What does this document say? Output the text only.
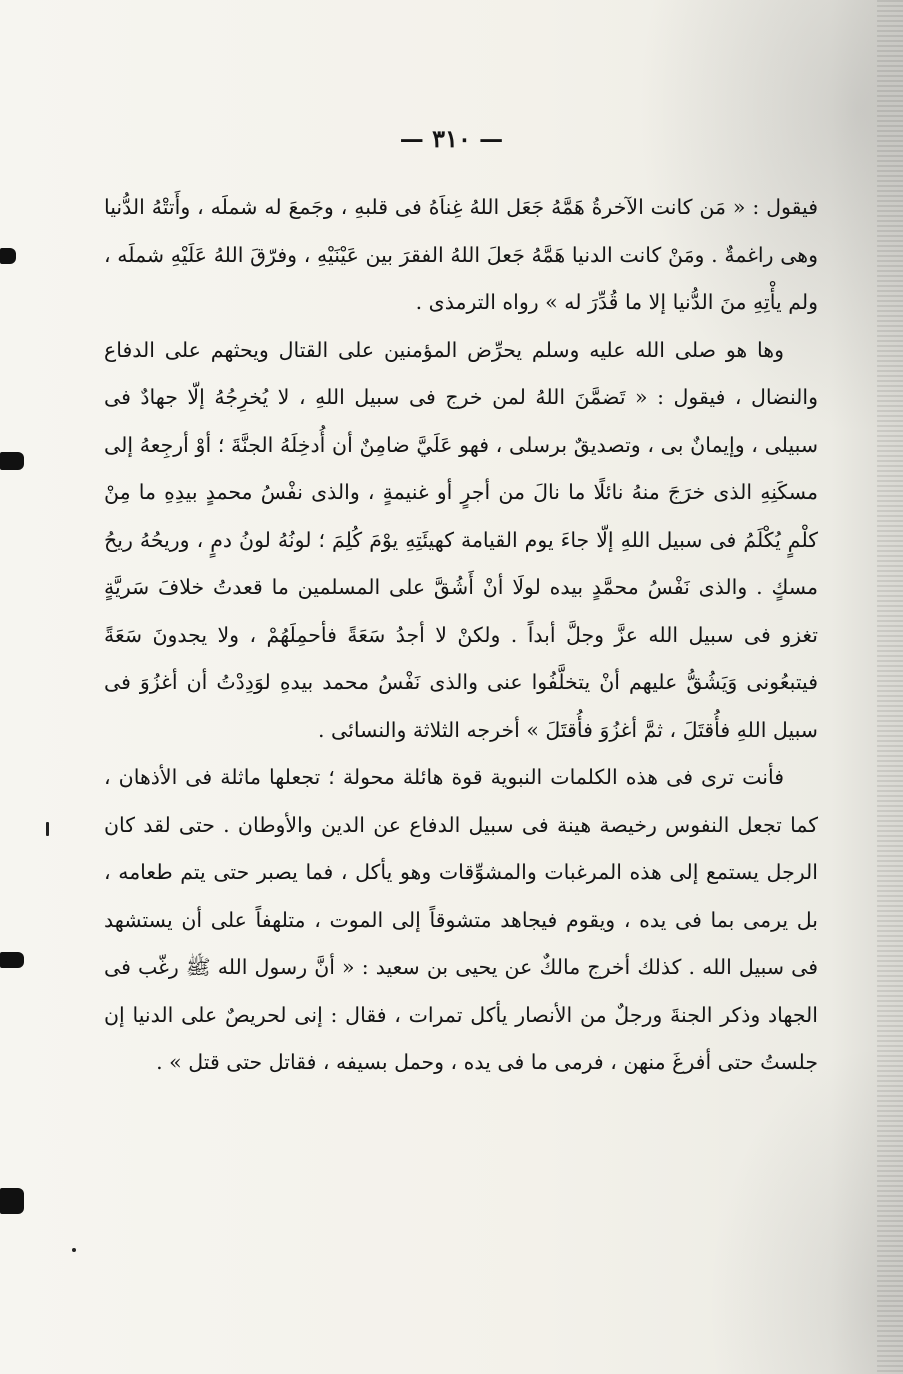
— ٣١٠ —

فيقول : « مَن كانت الآخرةُ هَمَّهُ جَعَل اللهُ غِناَهُ فى قلبهِ ، وجَمعَ له شملَه ، وأَتتْهُ الدُّنيا وهى راغمةٌ . ومَنْ كانت الدنيا هَمَّهُ جَعلَ اللهُ الفقرَ بين عَيْنَيْهِ ، وفرّقَ اللهُ عَلَيْهِ شملَه ، ولم يأْتِهِ منَ الدُّنيا إلا ما قُدِّرَ له » رواه الترمذى .

وها هو صلى الله عليه وسلم يحرِّض المؤمنين على القتال ويحثهم على الدفاع والنضال ، فيقول : « تَضمَّنَ اللهُ لمن خرج فى سبيل اللهِ ، لا يُخرِجُهُ إلّا جهادٌ فى سبيلى ، وإيمانٌ بى ، وتصديقٌ برسلى ، فهو عَلَيَّ ضامِنٌ أن أُدخِلَهُ الجنَّةَ ؛ أوْ أرجِعهُ إلى مسكَنِهِ الذى خرَجَ منهُ نائلًا ما نالَ من أجرٍ أو غنيمةٍ ، والذى نفْسُ محمدٍ بيدِهِ ما مِنْ كلْمٍ يُكْلَمُ فى سبيل اللهِ إلّا جاءَ يوم القيامة كهيئَتِهِ يوْمَ كُلِمَ ؛ لونُهُ لونُ دمٍ ، وريحُهُ ريحُ مسكٍ . والذى نَفْسُ محمَّدٍ بيده لولَا أنْ أَشُقَّ على المسلمين ما قعدتُ خلافَ سَريَّةٍ تغزو فى سبيل الله عزَّ وجلَّ أبداً . ولكنْ لا أجدُ سَعَةً فأحمِلَهُمْ ، ولا يجدونَ سَعَةً فيتبعُونى وَيَشُقُّ عليهم أنْ يتخلَّفُوا عنى والذى نَفْسُ محمد بيدهِ لوَدِدْتُ أن أغزُوَ فى سبيل اللهِ فأُقتَلَ ، ثمَّ أغزُوَ فأُقتَلَ » أخرجه الثلاثة والنسائى .

فأنت ترى فى هذه الكلمات النبوية قوة هائلة محولة ؛ تجعلها ماثلة فى الأذهان ، كما تجعل النفوس رخيصة هينة فى سبيل الدفاع عن الدين والأوطان . حتى لقد كان الرجل يستمع إلى هذه المرغبات والمشوِّقات وهو يأكل ، فما يصبر حتى يتم طعامه ، بل يرمى بما فى يده ، ويقوم فيجاهد متشوقاً إلى الموت ، متلهفاً على أن يستشهد فى سبيل الله . كذلك أخرج مالكٌ عن يحيى بن سعيد : « أنَّ رسول الله ﷺ رغّب فى الجهاد وذكر الجنةَ ورجلٌ من الأنصار يأكل تمرات ، فقال : إنى لحريصٌ على الدنيا إن جلستُ حتى أفرغَ منهن ، فرمى ما فى يده ، وحمل بسيفه ، فقاتل حتى قتل » .
